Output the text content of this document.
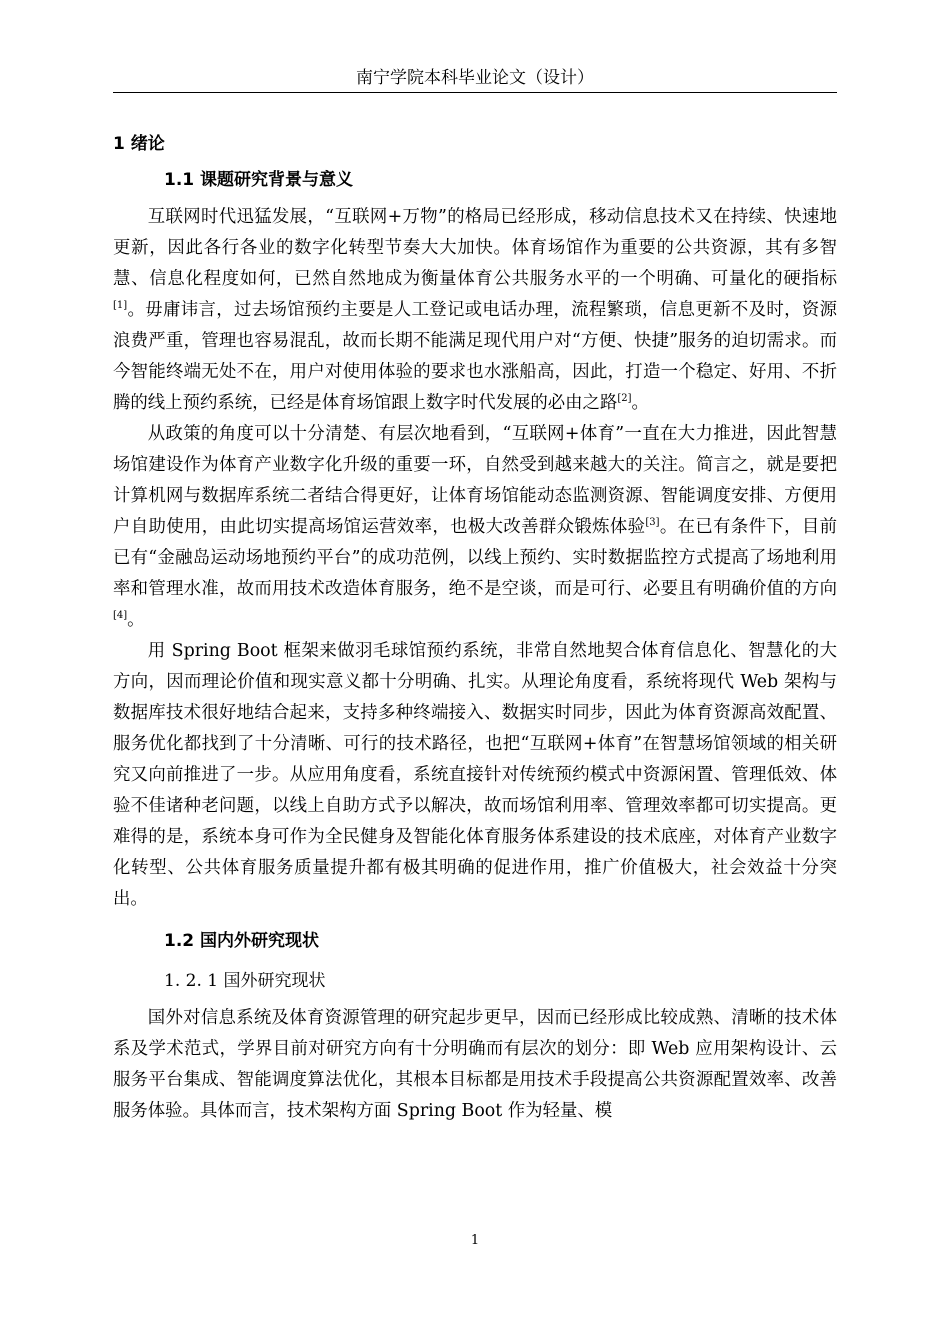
南宁学院本科毕业论文（设计）
1 绪论
1.1 课题研究背景与意义

互联网时代迅猛发展，“互联网+万物”的格局已经形成，移动信息技术又在持续、快速地更新，因此各行各业的数字化转型节奏大大加快。体育场馆作为重要的公共资源，其有多智慧、信息化程度如何，已然自然地成为衡量体育公共服务水平的一个明确、可量化的硬指标[1]。毋庸讳言，过去场馆预约主要是人工登记或电话办理，流程繁琐，信息更新不及时，资源浪费严重，管理也容易混乱，故而长期不能满足现代用户对“方便、快捷”服务的迫切需求。而今智能终端无处不在，用户对使用体验的要求也水涨船高，因此，打造一个稳定、好用、不折腾的线上预约系统，已经是体育场馆跟上数字时代发展的必由之路[2]。

从政策的角度可以十分清楚、有层次地看到，“互联网+体育”一直在大力推进，因此智慧场馆建设作为体育产业数字化升级的重要一环，自然受到越来越大的关注。简言之，就是要把计算机网与数据库系统二者结合得更好，让体育场馆能动态监测资源、智能调度安排、方便用户自助使用，由此切实提高场馆运营效率，也极大改善群众锻炼体验[3]。在已有条件下，目前已有“金融岛运动场地预约平台”的成功范例，以线上预约、实时数据监控方式提高了场地利用率和管理水准，故而用技术改造体育服务，绝不是空谈，而是可行、必要且有明确价值的方向[4]。

用 Spring Boot 框架来做羽毛球馆预约系统，非常自然地契合体育信息化、智慧化的大方向，因而理论价值和现实意义都十分明确、扎实。从理论角度看，系统将现代 Web 架构与数据库技术很好地结合起来，支持多种终端接入、数据实时同步，因此为体育资源高效配置、服务优化都找到了十分清晰、可行的技术路径，也把“互联网+体育”在智慧场馆领域的相关研究又向前推进了一步。从应用角度看，系统直接针对传统预约模式中资源闲置、管理低效、体验不佳诸种老问题，以线上自助方式予以解决，故而场馆利用率、管理效率都可切实提高。更难得的是，系统本身可作为全民健身及智能化体育服务体系建设的技术底座，对体育产业数字化转型、公共体育服务质量提升都有极其明确的促进作用，推广价值极大，社会效益十分突出。

1.2 国内外研究现状
1. 2. 1 国外研究现状

国外对信息系统及体育资源管理的研究起步更早，因而已经形成比较成熟、清晰的技术体系及学术范式，学界目前对研究方向有十分明确而有层次的划分：即 Web 应用架构设计、云服务平台集成、智能调度算法优化，其根本目标都是用技术手段提高公共资源配置效率、改善服务体验。具体而言，技术架构方面 Spring Boot 作为轻量、模

1
